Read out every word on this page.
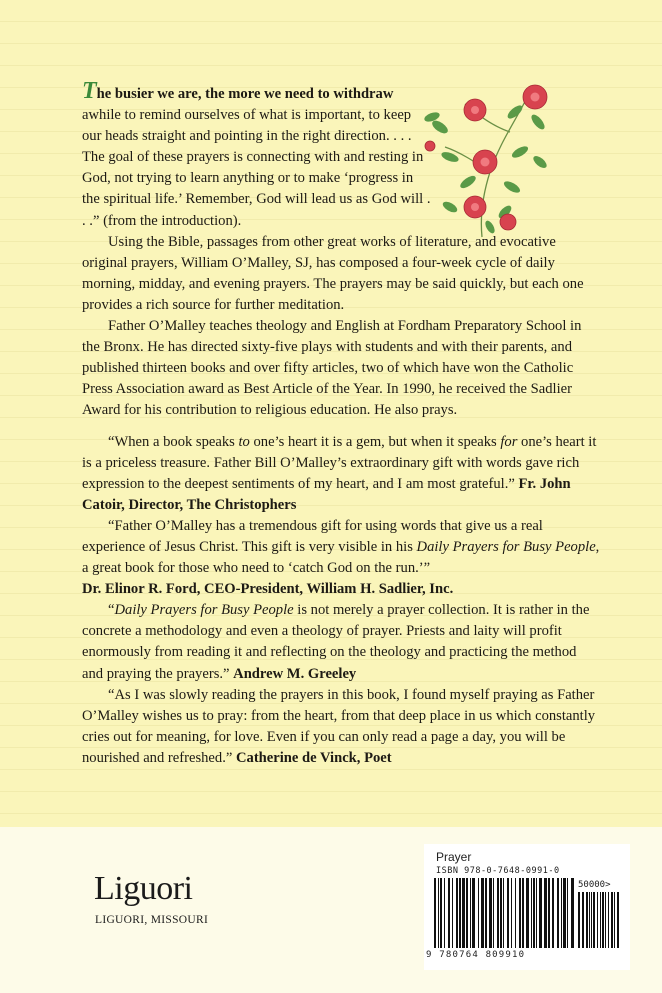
The busier we are, the more we need to withdraw awhile to remind ourselves of what is important, to keep our heads straight and pointing in the right direction. . . . The goal of these prayers is connecting with and resting in God, not trying to learn anything or to make ‘progress in the spiritual life.’ Remember, God will lead us as God will . . .” (from the introduction).

Using the Bible, passages from other great works of literature, and evocative original prayers, William O’Malley, SJ, has composed a four-week cycle of daily morning, midday, and evening prayers. The prayers may be said quickly, but each one provides a rich source for further meditation.

Father O’Malley teaches theology and English at Fordham Preparatory School in the Bronx. He has directed sixty-five plays with students and with their parents, and published thirteen books and over fifty articles, two of which have won the Catholic Press Association award as Best Article of the Year. In 1990, he received the Sadlier Award for his contribution to religious education. He also prays.

“When a book speaks to one’s heart it is a gem, but when it speaks for one’s heart it is a priceless treasure. Father Bill O’Malley’s extraordinary gift with words gave rich expression to the deepest sentiments of my heart, and I am most grateful.” Fr. John Catoir, Director, The Christophers

“Father O’Malley has a tremendous gift for using words that give us a real experience of Jesus Christ. This gift is very visible in his Daily Prayers for Busy People, a great book for those who need to ‘catch God on the run.’”
Dr. Elinor R. Ford, CEO-President, William H. Sadlier, Inc.

“Daily Prayers for Busy People is not merely a prayer collection. It is rather in the concrete a methodology and even a theology of prayer. Priests and laity will profit enormously from reading it and reflecting on the theology and practicing the method and praying the prayers.” Andrew M. Greeley

“As I was slowly reading the prayers in this book, I found myself praying as Father O’Malley wishes us to pray: from the heart, from that deep place in us which constantly cries out for meaning, for love. Even if you can only read a page a day, you will be nourished and refreshed.” Catherine de Vinck, Poet

Liguori
LIGUORI, MISSOURI
Prayer
ISBN 978-0-7648-0991-0
50000>
9 780764 809910
